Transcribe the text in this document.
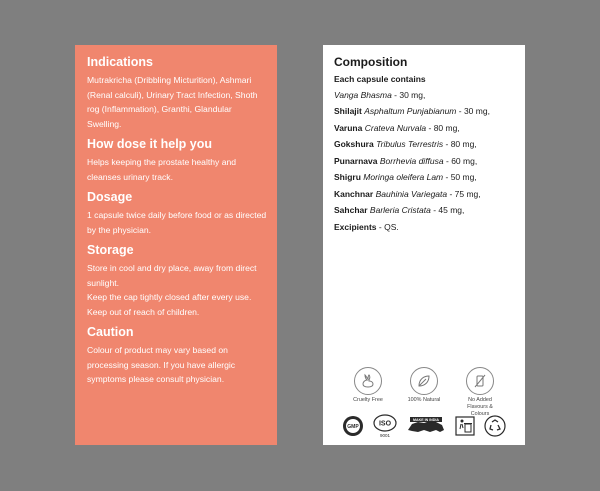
Indications
Mutrakricha (Dribbling Micturition), Ashmari (Renal calculi), Urinary Tract Infection, Shoth rog (Inflammation), Granthi, Glandular Swelling.
How dose it help you
Helps keeping the prostate healthy and cleanses urinary track.
Dosage
1 capsule twice daily before food or as directed by the physician.
Storage

Store in cool and dry place, away from direct sunlight.

Keep the cap tightly closed after every use.

Keep out of reach of children.

Caution
Colour of product may vary based on processing season. If you have allergic symptoms please consult physician.
Composition
Each capsule contains
Vanga Bhasma - 30 mg,
Shilajit Asphaltum Punjabianum - 30 mg,
Varuna Crateva Nurvala - 80 mg,
Gokshura Tribulus Terrestris - 80 mg,
Punarnava Borrhevia diffusa - 60 mg,
Shigru Moringa oleifera Lam - 50 mg,
Kanchnar Bauhinia Variegata - 75 mg,
Sahchar Barleria Cristata - 45 mg,
Excipients - QS.
Cruelty Free	100% Natural	No Added Flavours & Colours
GMP	ISO
9001
MAKE IN INDIA
